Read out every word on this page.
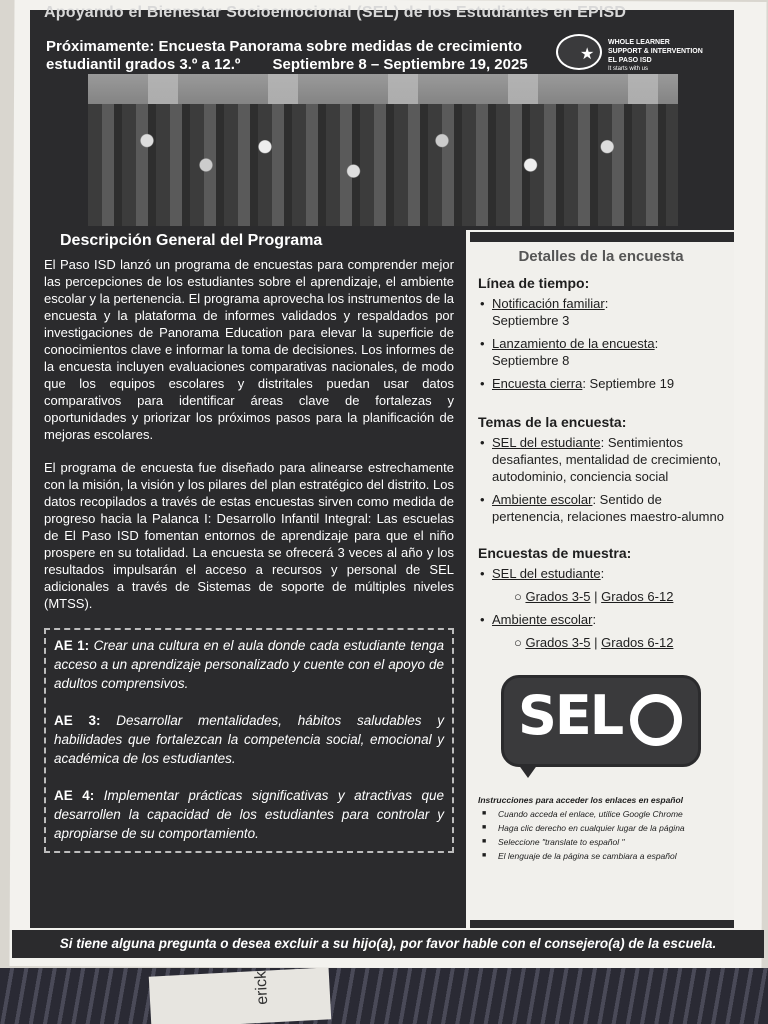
Apoyando el Bienestar Socioemocional (SEL) de los Estudiantes en EPISD
Próximamente: Encuesta Panorama sobre medidas de crecimiento
estudiantil grados 3.º a 12.º Septiembre 8 – Septiembre 19, 2025
★
WHOLE LEARNER
SUPPORT & INTERVENTION
EL PASO ISD
It starts with us
Descripción General del Programa

El Paso ISD lanzó un programa de encuestas para comprender mejor las percepciones de los estudiantes sobre el aprendizaje, el ambiente escolar y la pertenencia. El programa aprovecha los instrumentos de la encuesta y la plataforma de informes validados y respaldados por investigaciones de Panorama Education para elevar la superficie de conocimientos clave e informar la toma de decisiones. Los informes de la encuesta incluyen evaluaciones comparativas nacionales, de modo que los equipos escolares y distritales puedan usar datos comparativos para identificar áreas clave de fortalezas y oportunidades y priorizar los próximos pasos para la planificación de mejoras escolares.

El programa de encuesta fue diseñado para alinearse estrechamente con la misión, la visión y los pilares del plan estratégico del distrito. Los datos recopilados a través de estas encuestas sirven como medida de progreso hacia la Palanca I: Desarrollo Infantil Integral: Las escuelas de El Paso ISD fomentan entornos de aprendizaje para que el niño prospere en su totalidad. La encuesta se ofrecerá 3 veces al año y los resultados impulsarán el acceso a recursos y personal de SEL adicionales a través de Sistemas de soporte de múltiples niveles (MTSS).

AE 1: Crear una cultura en el aula donde cada estudiante tenga acceso a un aprendizaje personalizado y cuente con el apoyo de adultos comprensivos.
AE 3: Desarrollar mentalidades, hábitos saludables y habilidades que fortalezcan la competencia social, emocional y académica de los estudiantes.
AE 4: Implementar prácticas significativas y atractivas que desarrollen la capacidad de los estudiantes para controlar y apropiarse de su comportamiento.
Detalles de la encuesta
Línea de tiempo:
• Notificación familiar:
Septiembre 3
• Lanzamiento de la encuesta:
Septiembre 8
• Encuesta cierra: Septiembre 19
Temas de la encuesta:
• SEL del estudiante: Sentimientos desafiantes, mentalidad de crecimiento, autodominio, conciencia social
• Ambiente escolar: Sentido de pertenencia, relaciones maestro-alumno
Encuestas de muestra:
• SEL del estudiante:
○ Grados 3-5 | Grados 6-12
• Ambiente escolar:
○ Grados 3-5 | Grados 6-12
SEL
Instrucciones para acceder los enlaces en español
■ Cuando acceda el enlace, utilice Google Chrome
■ Haga clic derecho en cualquier lugar de la página
■ Seleccione "translate to español "
■ El lenguaje de la página se cambiara a español
Si tiene alguna pregunta o desea excluir a su hijo(a), por favor hable con el consejero(a) de la escuela.
erick
